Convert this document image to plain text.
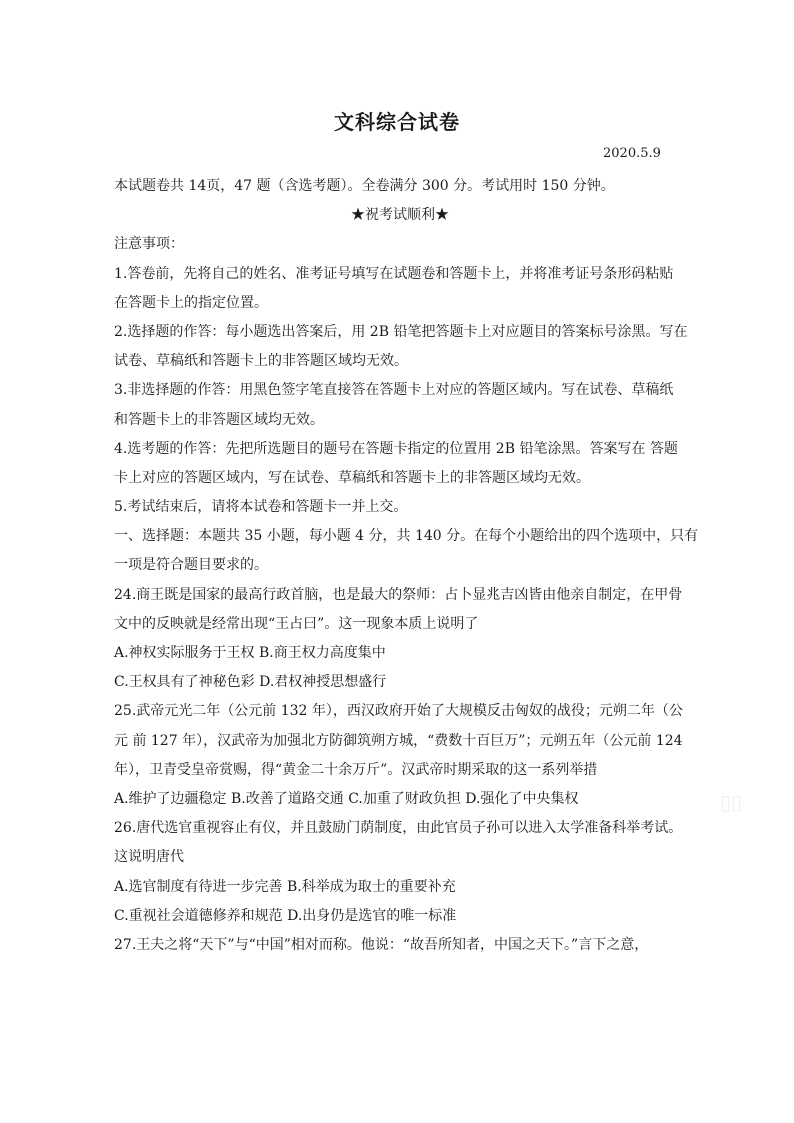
文科综合试卷
2020.5.9
本试题卷共 14页，47 题（含选考题）。全卷满分 300 分。考试用时 150 分钟。
★祝考试顺利★
注意事项：
1.答卷前，先将自己的姓名、准考证号填写在试题卷和答题卡上，并将准考证号条形码粘贴
在答题卡上的指定位置。
2.选择题的作答：每小题选出答案后，用 2B 铅笔把答题卡上对应题目的答案标号涂黑。写在
试卷、草稿纸和答题卡上的非答题区域均无效。
3.非选择题的作答：用黑色签字笔直接答在答题卡上对应的答题区域内。写在试卷、草稿纸
和答题卡上的非答题区域均无效。
4.选考题的作答：先把所选题目的题号在答题卡指定的位置用 2B 铅笔涂黑。答案写在 答题
卡上对应的答题区域内，写在试卷、草稿纸和答题卡上的非答题区域均无效。
5.考试结束后，请将本试卷和答题卡一并上交。
一、选择题：本题共 35 小题，每小题 4 分，共 140 分。在每个小题给出的四个选项中，只有
一项是符合题目要求的。
24.商王既是国家的最高行政首脑，也是最大的祭师：占卜显兆吉凶皆由他亲自制定，在甲骨
文中的反映就是经常出现“王占曰”。这一现象本质上说明了
A.神权实际服务于王权 B.商王权力高度集中
C.王权具有了神秘色彩 D.君权神授思想盛行
25.武帝元光二年（公元前 132 年），西汉政府开始了大规模反击匈奴的战役；元朔二年（公
元 前 127 年），汉武帝为加强北方防御筑朔方城，“费数十百巨万”；元朔五年（公元前 124
年），卫青受皇帝赏赐，得“黄金二十余万斤”。汉武帝时期采取的这一系列举措
A.维护了边疆稳定 B.改善了道路交通 C.加重了财政负担 D.强化了中央集权
26.唐代选官重视容止有仪，并且鼓励门荫制度，由此官员子孙可以进入太学准备科举考试。
这说明唐代
A.选官制度有待进一步完善 B.科举成为取士的重要补充
C.重视社会道德修养和规范 D.出身仍是选官的唯一标准
27.王夫之将“天下”与“中国”相对而称。他说：“故吾所知者，中国之天下。”言下之意，
▯▯
